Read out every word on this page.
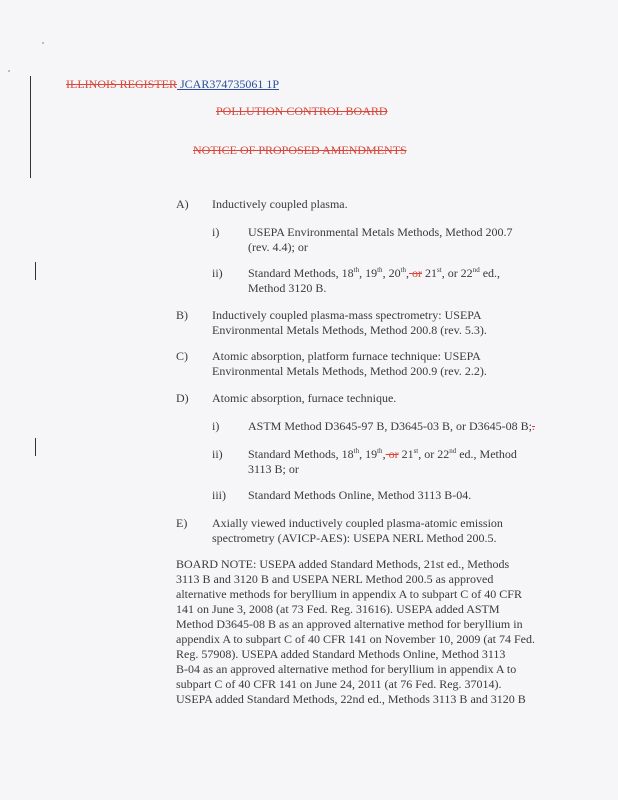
ILLINOIS REGISTER JCAR374735061 1P
POLLUTION CONTROL BOARD
NOTICE OF PROPOSED AMENDMENTS
A) Inductively coupled plasma.
i) USEPA Environmental Metals Methods, Method 200.7
(rev. 4.4); or
ii) Standard Methods, 18th, 19th, 20th, or 21st, or 22nd ed.,
Method 3120 B.
B) Inductively coupled plasma-mass spectrometry: USEPA
Environmental Metals Methods, Method 200.8 (rev. 5.3).
C) Atomic absorption, platform furnace technique: USEPA
Environmental Metals Methods, Method 200.9 (rev. 2.2).
D) Atomic absorption, furnace technique.
i) ASTM Method D3645-97 B, D3645-03 B, or D3645-08 B;.
ii) Standard Methods, 18th, 19th, or 21st, or 22nd ed., Method
3113 B; or
iii) Standard Methods Online, Method 3113 B-04.
E) Axially viewed inductively coupled plasma-atomic emission
spectrometry (AVICP-AES): USEPA NERL Method 200.5.
BOARD NOTE: USEPA added Standard Methods, 21st ed., Methods
3113 B and 3120 B and USEPA NERL Method 200.5 as approved
alternative methods for beryllium in appendix A to subpart C of 40 CFR
141 on June 3, 2008 (at 73 Fed. Reg. 31616). USEPA added ASTM
Method D3645-08 B as an approved alternative method for beryllium in
appendix A to subpart C of 40 CFR 141 on November 10, 2009 (at 74 Fed.
Reg. 57908). USEPA added Standard Methods Online, Method 3113
B-04 as an approved alternative method for beryllium in appendix A to
subpart C of 40 CFR 141 on June 24, 2011 (at 76 Fed. Reg. 37014).
USEPA added Standard Methods, 22nd ed., Methods 3113 B and 3120 B
